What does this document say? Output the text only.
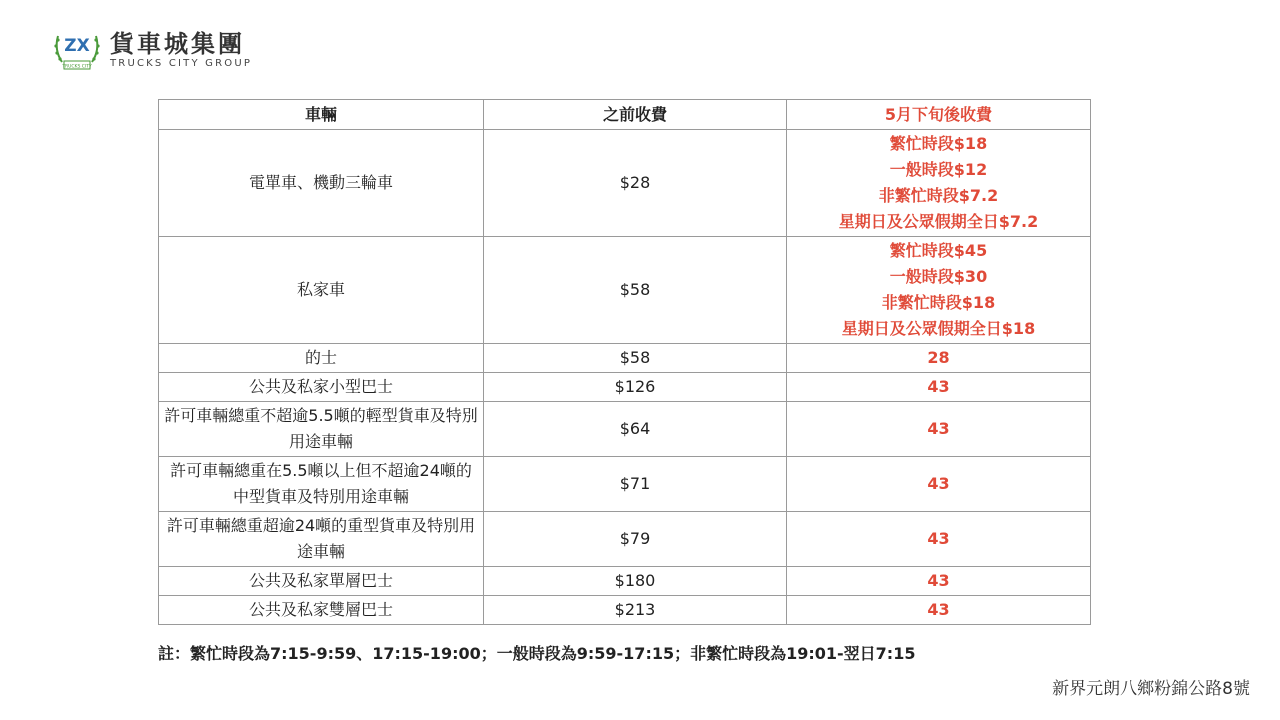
ZX
TRUCKS CITY
貨車城集團
TRUCKS CITY GROUP
車輛	之前收費	5月下旬後收費
電單車、機動三輪車	$28	繁忙時段$18
一般時段$12
非繁忙時段$7.2
星期日及公眾假期全日$7.2

私家車	$58	繁忙時段$45
一般時段$30
非繁忙時段$18
星期日及公眾假期全日$18

的士	$58	28

公共及私家小型巴士	$126	43

許可車輛總重不超逾5.5噸的輕型貨車及特別用途車輛	$64	43

許可車輛總重在5.5噸以上但不超逾24噸的中型貨車及特別用途車輛	$71	43

許可車輛總重超逾24噸的重型貨車及特別用途車輛	$79	43

公共及私家單層巴士	$180	43

公共及私家雙層巴士	$213	43
註：繁忙時段為7:15-9:59、17:15-19:00；一般時段為9:59-17:15；非繁忙時段為19:01-翌日7:15
新界元朗八鄉粉錦公路8號
